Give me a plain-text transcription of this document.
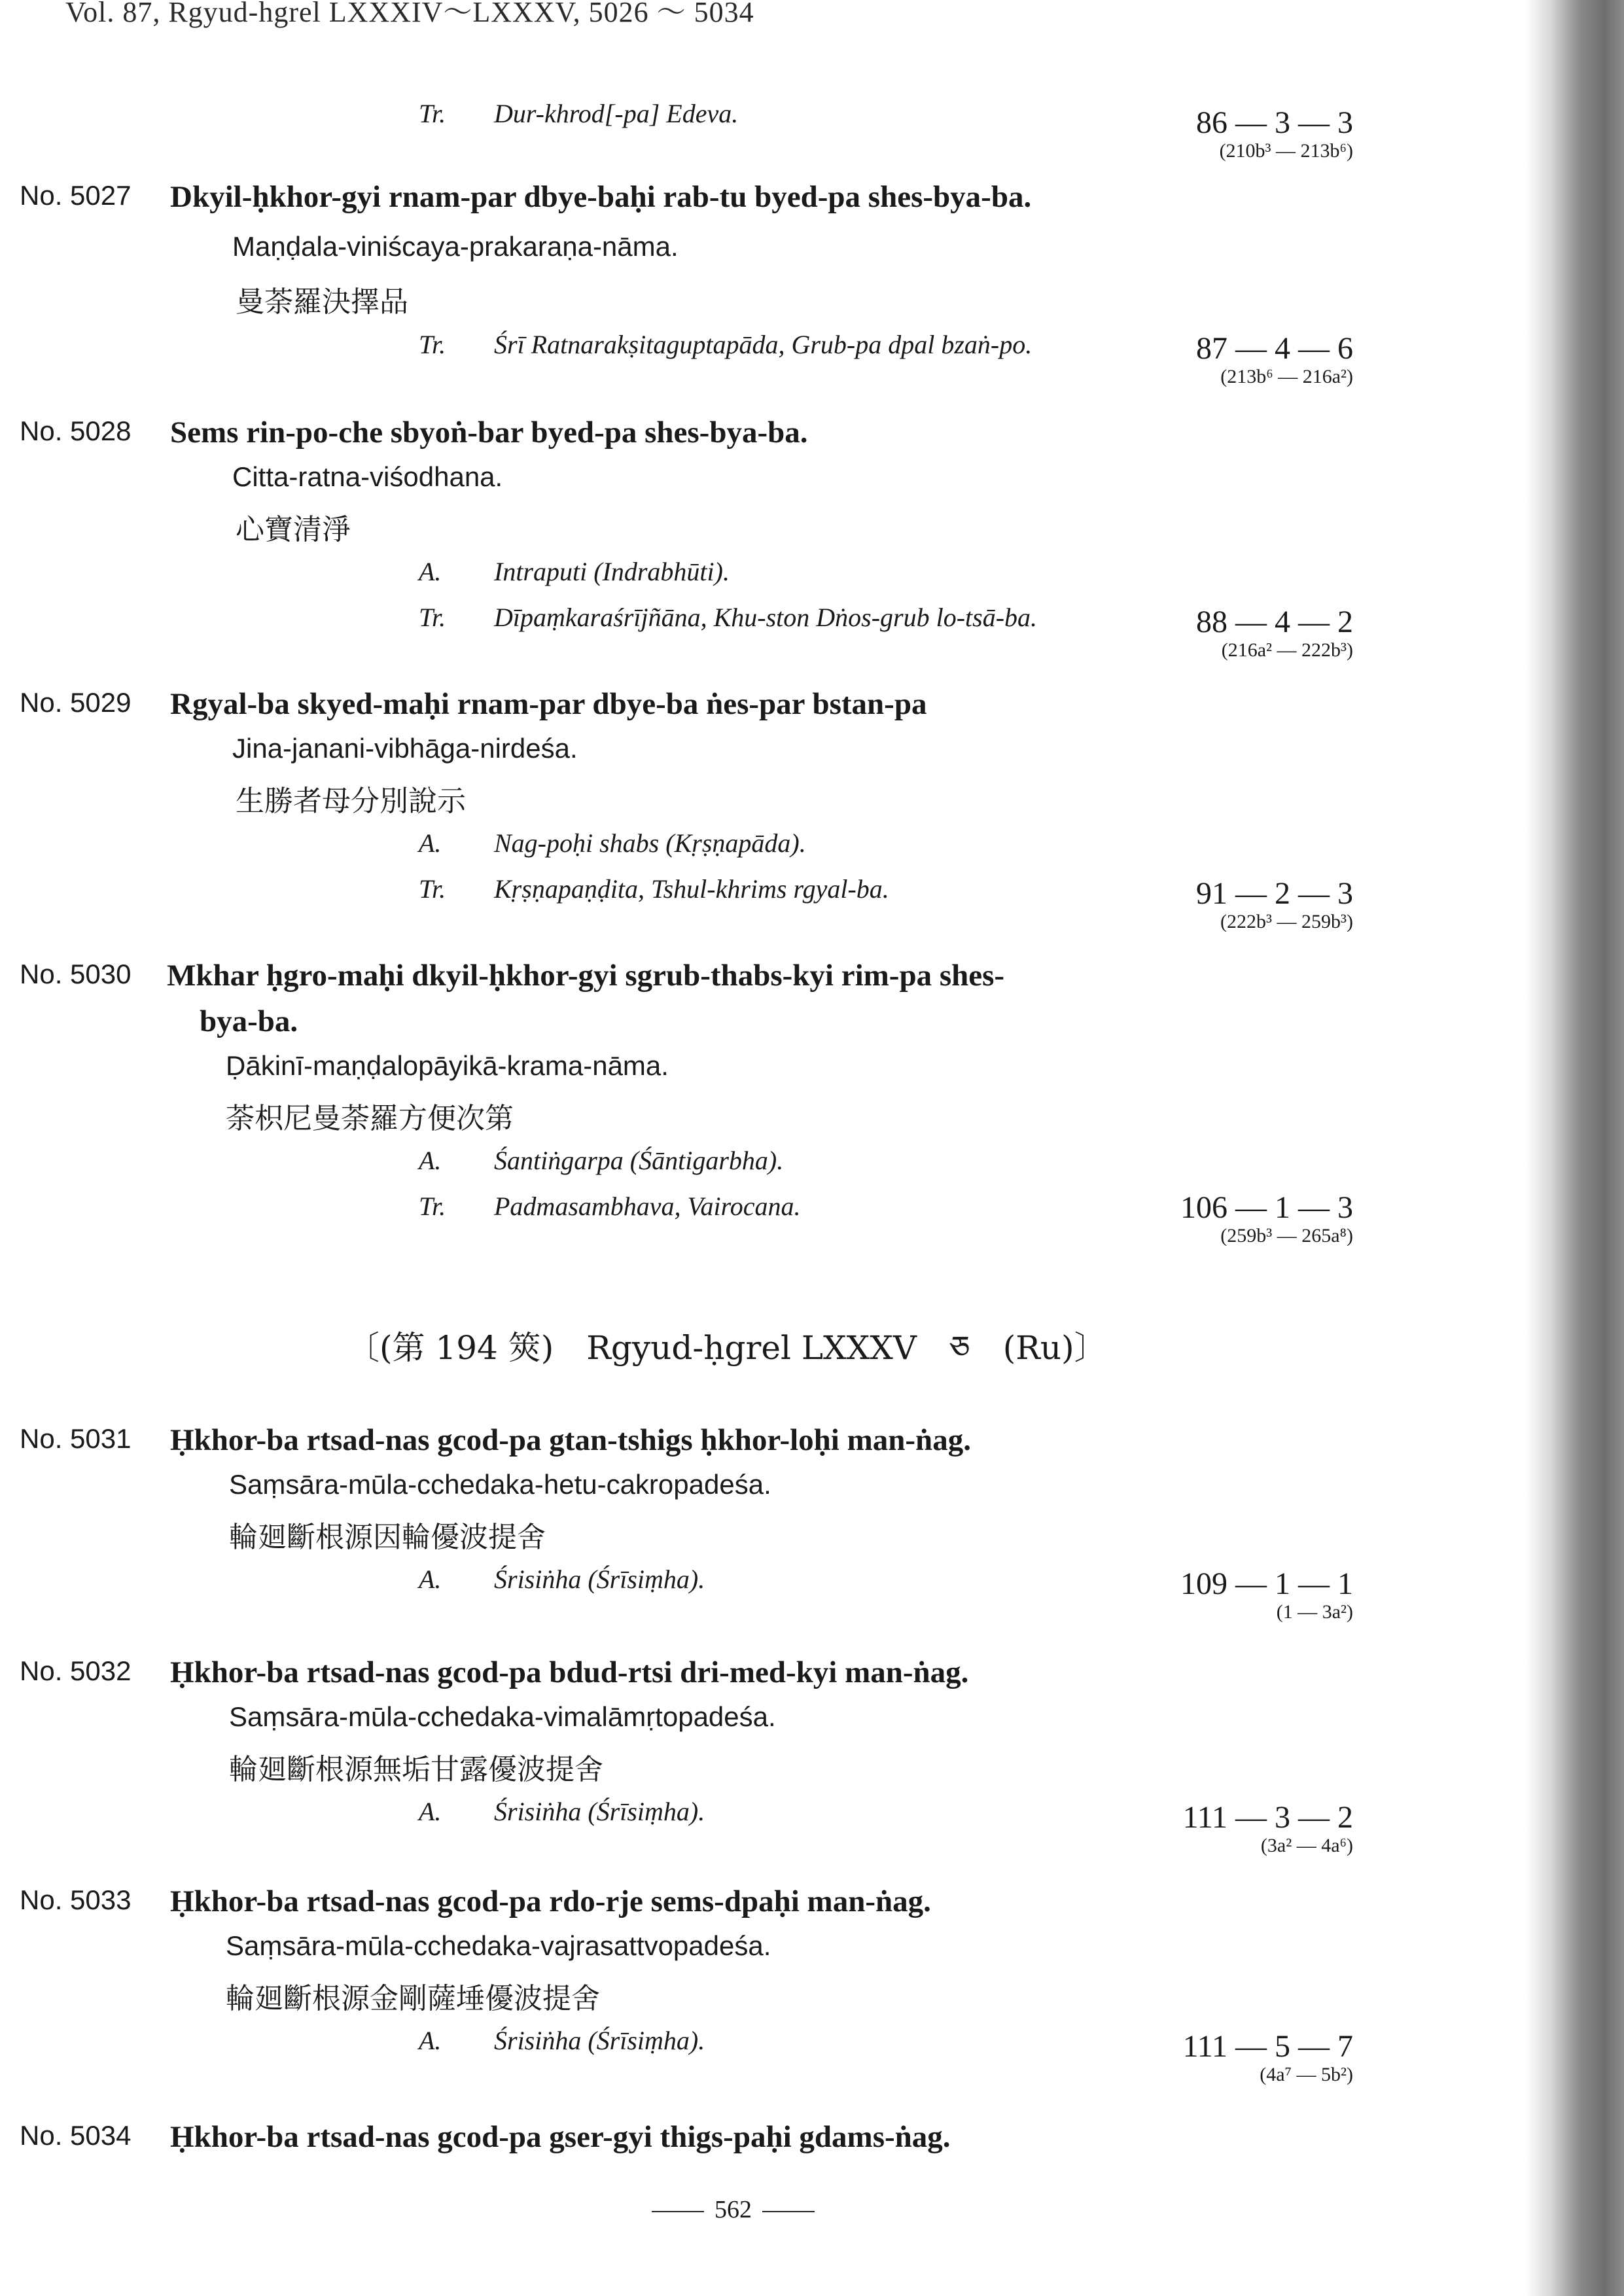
Vol. 87, Rgyud-hgrel LXXXIV～LXXXV, 5026 ～ 5034
Tr. Dur-khrod[-pa] Edeva.	86 — 3 — 3
(210b³ — 213b⁶)
No. 5027 Dkyil-ḥkhor-gyi rnam-par dbye-baḥi rab-tu byed-pa shes-bya-ba.
Maṇḍala-viniścaya-prakaraṇa-nāma.
曼荼羅決擇品
Tr. Śrī Ratnarakṣitaguptapāda, Grub-pa dpal bzaṅ-po.	87 — 4 — 6
(213b⁶ — 216a²)
No. 5028 Sems rin-po-che sbyoṅ-bar byed-pa shes-bya-ba.
Citta-ratna-viśodhana.
心寶清淨
A. Intraputi (Indrabhūti).
Tr. Dīpaṃkaraśrījñāna, Khu-ston Dṅos-grub lo-tsā-ba.	88 — 4 — 2
(216a² — 222b³)
No. 5029 Rgyal-ba skyed-maḥi rnam-par dbye-ba ṅes-par bstan-pa
Jina-janani-vibhāga-nirdeśa.
生勝者母分別說示
A. Nag-poḥi shabs (Kṛṣṇapāda).
Tr. Kṛṣṇapaṇḍita, Tshul-khrims rgyal-ba.	91 — 2 — 3
(222b³ — 259b³)
No. 5030 Mkhar ḥgro-maḥi dkyil-ḥkhor-gyi sgrub-thabs-kyi rim-pa shes-
bya-ba.
Ḍākinī-maṇḍalopāyikā-krama-nāma.
荼枳尼曼荼羅方便次第
A. Śantiṅgarpa (Śāntigarbha).
Tr. Padmasambhava, Vairocana.	106 — 1 — 3
(259b³ — 265a⁸)
〔(第 194 筴)　Rgyud-ḥgrel LXXXV　ཅ　(Ru)〕
No. 5031 Ḥkhor-ba rtsad-nas gcod-pa gtan-tshigs ḥkhor-loḥi man-ṅag.
Saṃsāra-mūla-cchedaka-hetu-cakropadeśa.
輪廻斷根源因輪優波提舍
A. Śrisiṅha (Śrīsiṃha).	109 — 1 — 1
(1 — 3a²)
No. 5032 Ḥkhor-ba rtsad-nas gcod-pa bdud-rtsi dri-med-kyi man-ṅag.
Saṃsāra-mūla-cchedaka-vimalāmṛtopadeśa.
輪廻斷根源無垢甘露優波提舍
A. Śrisiṅha (Śrīsiṃha).	111 — 3 — 2
(3a² — 4a⁶)
No. 5033 Ḥkhor-ba rtsad-nas gcod-pa rdo-rje sems-dpaḥi man-ṅag.
Saṃsāra-mūla-cchedaka-vajrasattvopadeśa.
輪廻斷根源金剛薩埵優波提舍
A. Śrisiṅha (Śrīsiṃha).	111 — 5 — 7
(4a⁷ — 5b²)
No. 5034 Ḥkhor-ba rtsad-nas gcod-pa gser-gyi thigs-paḥi gdams-ṅag.
562
